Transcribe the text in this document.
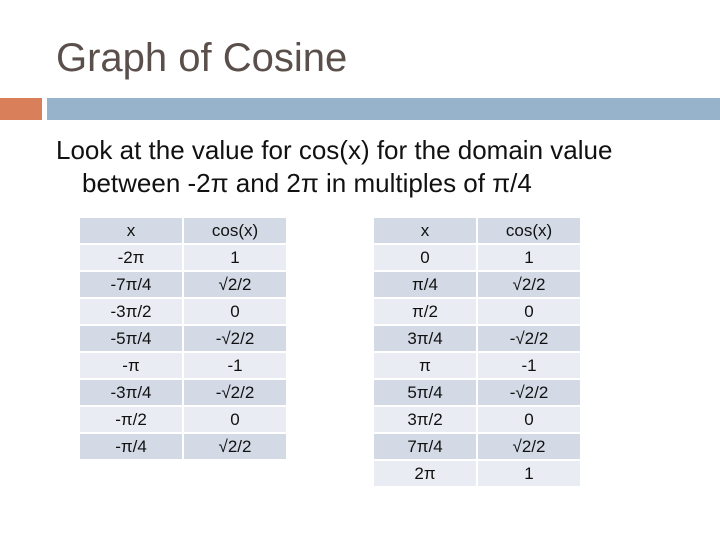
Graph of Cosine
Look at the value for cos(x) for the domain value
between -2π and 2π in multiples of π/4
x	cos(x)
-2π	1
-7π/4	√2/2
-3π/2	0
-5π/4	-√2/2
-π	-1
-3π/4	-√2/2
-π/2	0
-π/4	√2/2
x	cos(x)
0	1
π/4	√2/2
π/2	0
3π/4	-√2/2
π	-1
5π/4	-√2/2
3π/2	0
7π/4	√2/2
2π	1
